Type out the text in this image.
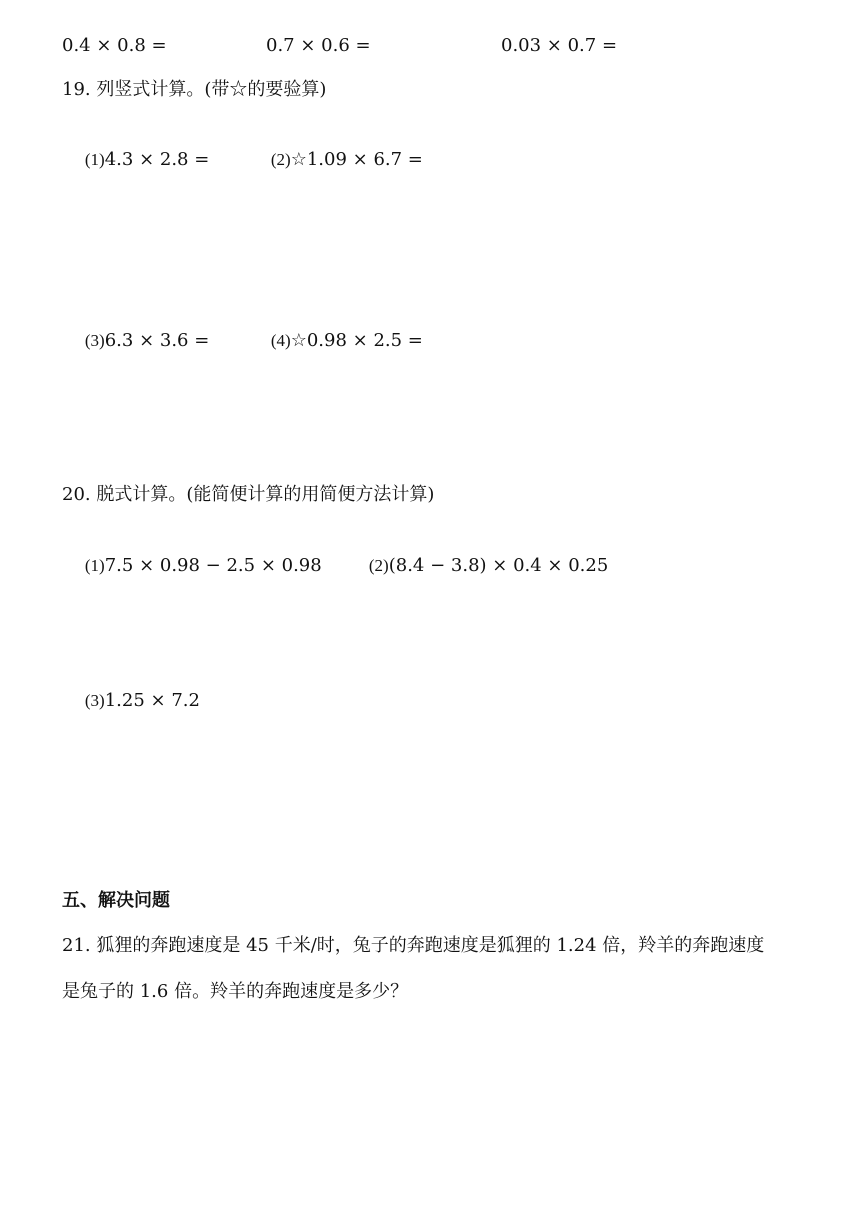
0.4 × 0.8 =	0.7 × 0.6 =	0.03 × 0.7 =
19. 列竖式计算。(带☆的要验算)

(1)4.3 × 2.8 =
	(2)☆1.09 × 6.7 =

(3)6.3 × 3.6 =
	(4)☆0.98 × 2.5 =

20. 脱式计算。(能简便计算的用简便方法计算)

(1)7.5 × 0.98 − 2.5 × 0.98
	(2)(8.4 − 3.8) × 0.4 × 0.25

(3)1.25 × 7.2

五、解决问题
21. 狐狸的奔跑速度是 45 千米/时，兔子的奔跑速度是狐狸的 1.24 倍，羚羊的奔跑速度
是兔子的 1.6 倍。羚羊的奔跑速度是多少？
